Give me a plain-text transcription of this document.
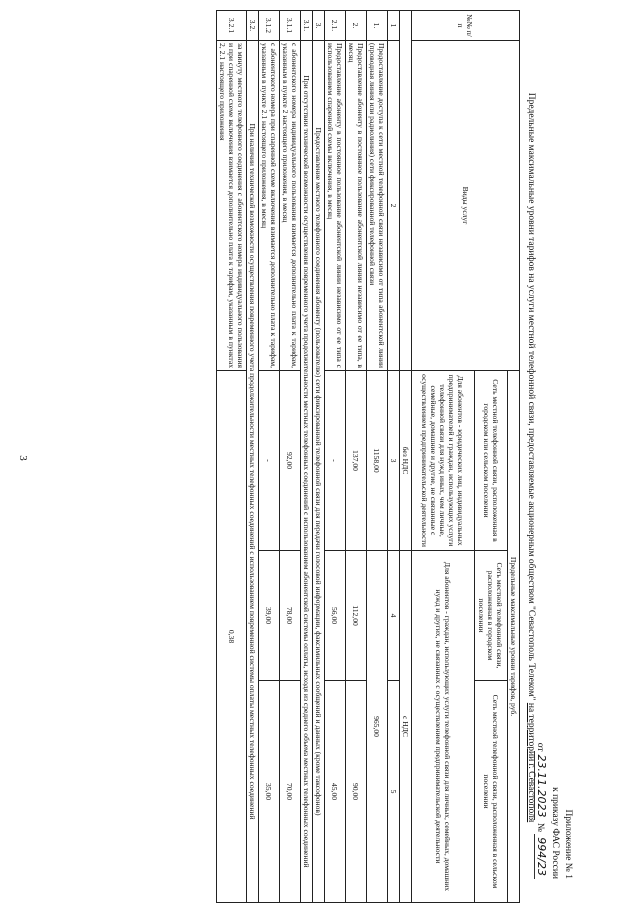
3
Приложение № 1
к приказу ФАС России
от23.11.2023 № 994/23
Предельные максимальные уровни тарифов на услуги местной телефонной связи, предоставляемые акционерным обществом "Севастополь Телеком" на территории г. Севастополя
№№ п/п	Виды услуг	Предельные максимальные уровни тарифов, руб.		
		Сеть местной телефонной связи, расположенная в городском или сельском поселении	Сеть местной телефонной связи, расположенная в городском поселении	Сеть местной телефонной связи, расположенная в сельском поселении

		Для абонентов - юридических лиц, индивидуальных предпринимателей и граждан, использующих услуги телефонной связи для нужд иных, чем личные, семейные, домашние и другие, не связанные с осуществлением предпринимательской деятельности	Для абонентов - граждан, использующих услуги телефонной связи для личных, семейных, домашних нужд и других, не связанных с осуществлением предпринимательской деятельности	
		без НДС	с НДС	
1	2	3	4	5
1.	Предоставление доступа к сети местной телефонной связи независимо от типа абонентской линии (проводная линия или радиолиния) сети фиксированной телефонной связи	1158,00	965,00	
2.	Предоставление абоненту в постоянное пользование абонентской линии независимо от ее типа, в месяц	137,00	112,00	90,00
2.1.	Предоставление абоненту в постоянное пользование абонентской линии независимо от ее типа с использованием спаренной схемы включения, в месяц	-	56,00	45,00
3.	Предоставление местного телефонного соединения абоненту (пользователю) сети фиксированной телефонной связи для передачи голосовой информации, факсимильных сообщений и данных (кроме таксофонов)			
3.1.	При отсутствии технической возможности осуществления повременного учета продолжительности местных телефонных соединений с использованием абонентской системы оплаты, исходя из среднего объема местных телефонных соединений			
3.1.1	с абонентского номера индивидуального пользования взимается дополнительно плата к тарифам, указанным в пункте 2 настоящего приложения, в месяц	92,00	78,00	70,00
3.1.2	с абонентского номера при спаренной схеме включения взимается дополнительно плата к тарифам, указанным в пункте 2.1 настоящего приложения, в месяц	-	39,00	35,00
3.2.	При наличии технической возможности осуществления повременного учета продолжительности местных телефонных соединений с использованием повременной системы оплаты местных телефонных соединений			
3.2.1	за минуту местного телефонного соединения с абонентского номера индивидуального пользования и при спаренной схеме включения взимается дополнительно плата к тарифам, указанным в пунктах 2, 2.1 настоящего приложения	0,38		
